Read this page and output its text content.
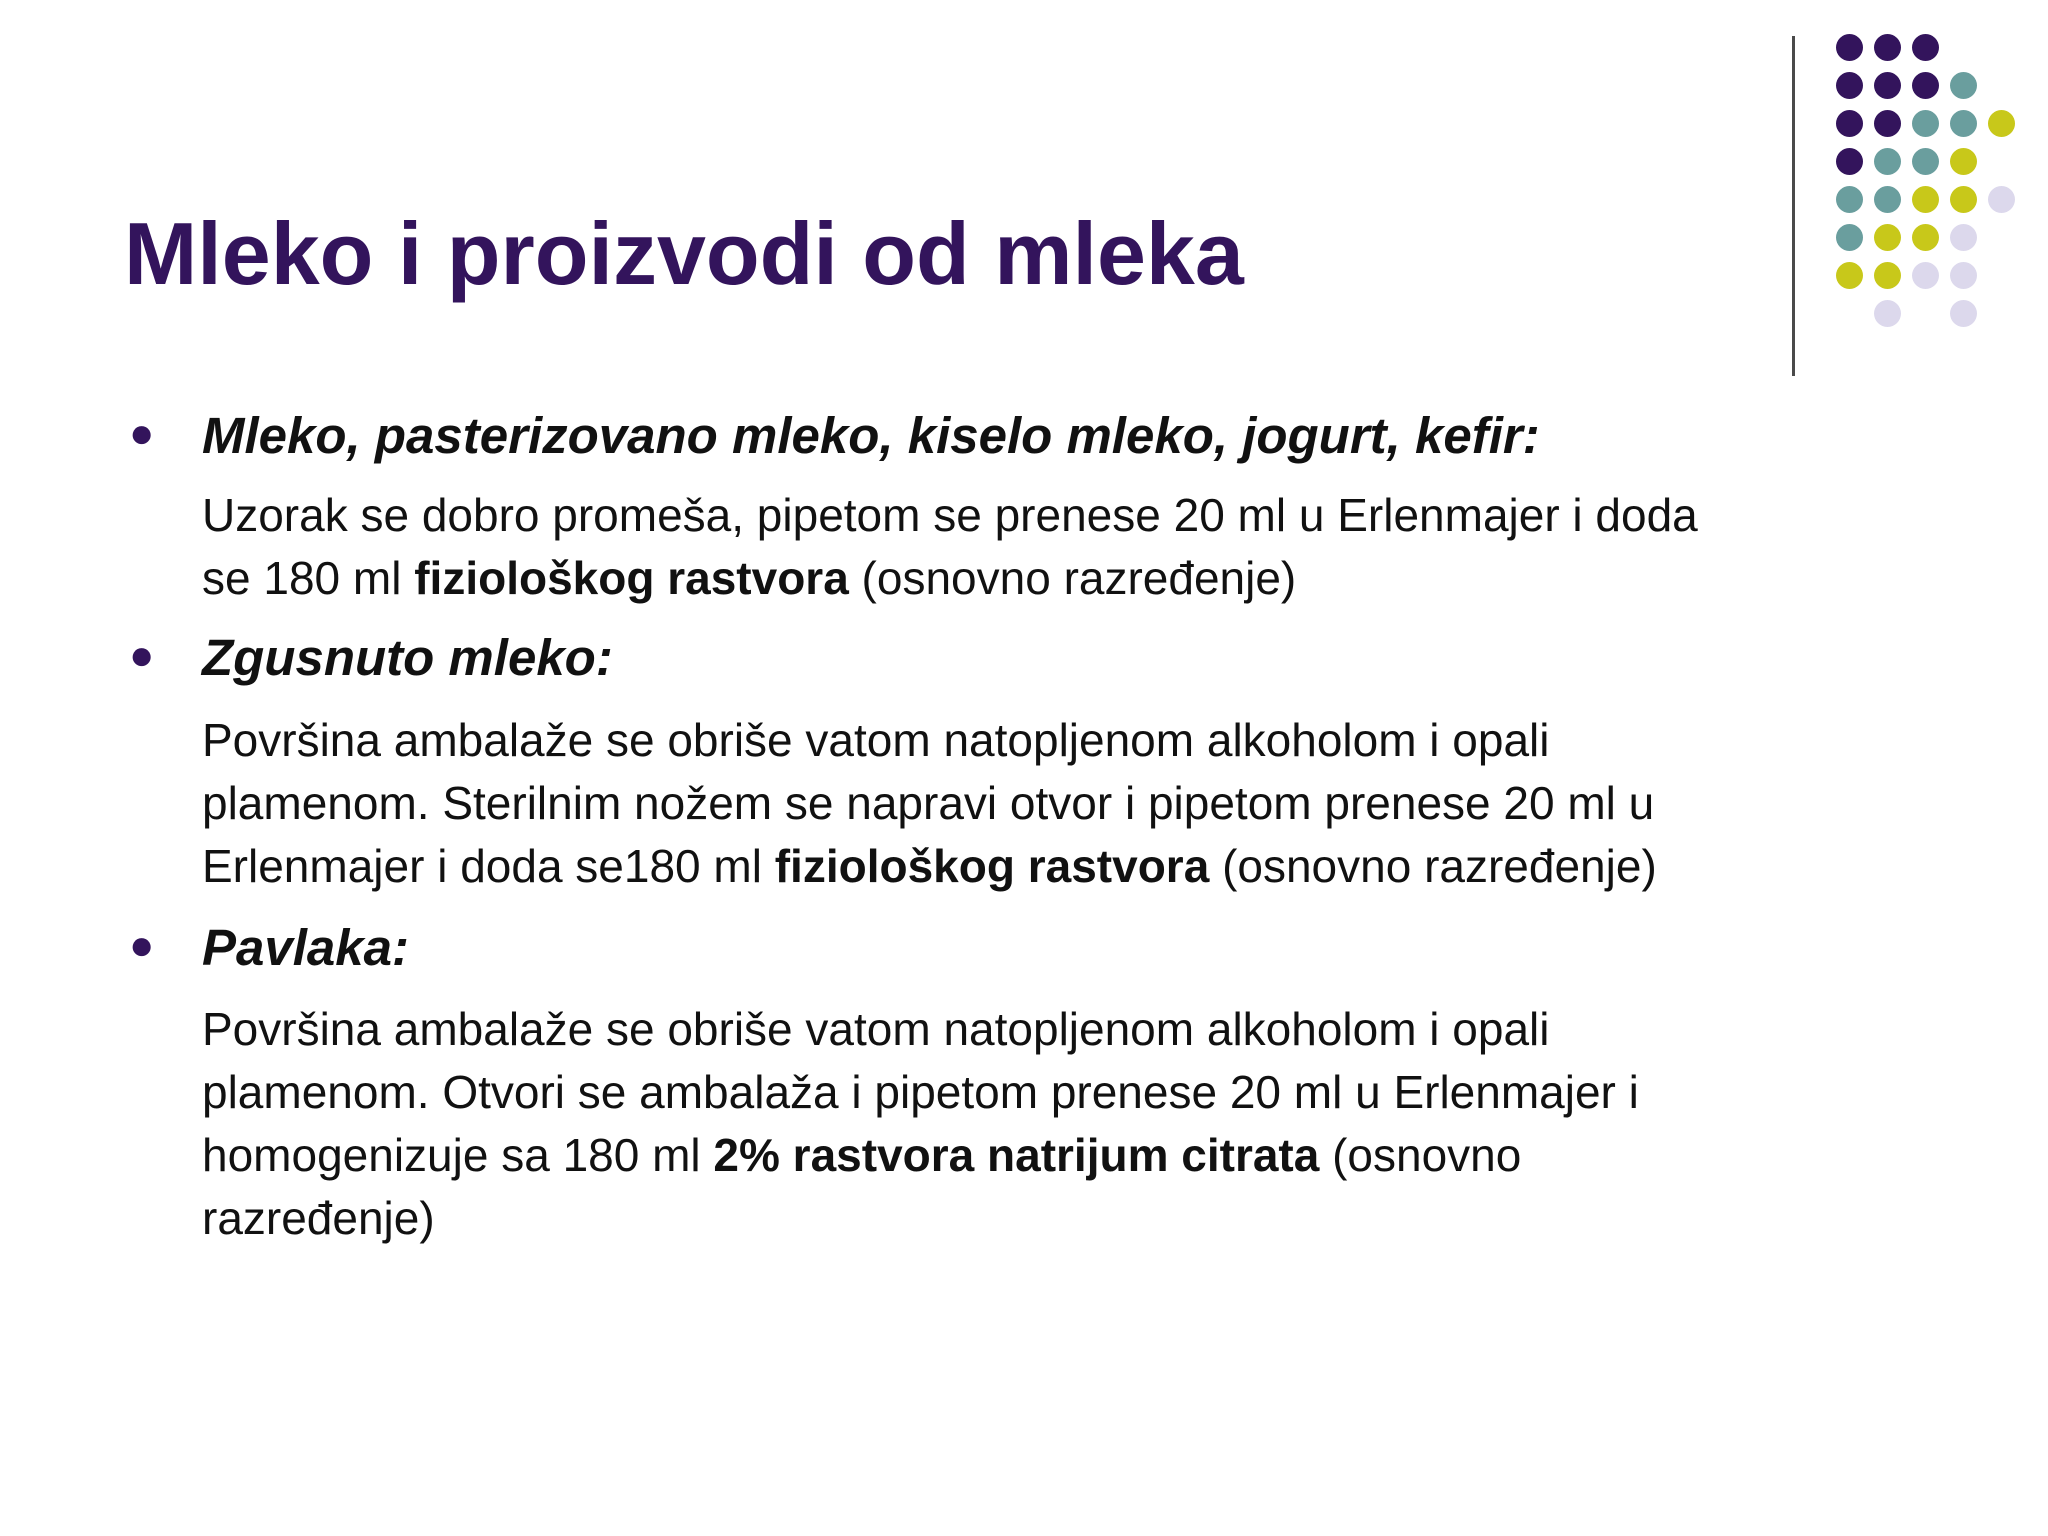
Mleko i proizvodi od mleka
● Mleko, pasterizovano mleko, kiselo mleko, jogurt, kefir:

Uzorak se dobro promeša, pipetom se prenese 20 ml u Erlenmajer i doda
se 180 ml fiziološkog rastvora (osnovno razređenje)

● Zgusnuto mleko:

Površina ambalaže se obriše vatom natopljenom alkoholom i opali
plamenom. Sterilnim nožem se napravi otvor i pipetom prenese 20 ml u
Erlenmajer i doda se180 ml fiziološkog rastvora (osnovno razređenje)

● Pavlaka:

Površina ambalaže se obriše vatom natopljenom alkoholom i opali
plamenom. Otvori se ambalaža i pipetom prenese 20 ml u Erlenmajer i
homogenizuje sa 180 ml 2% rastvora natrijum citrata (osnovno
razređenje)
